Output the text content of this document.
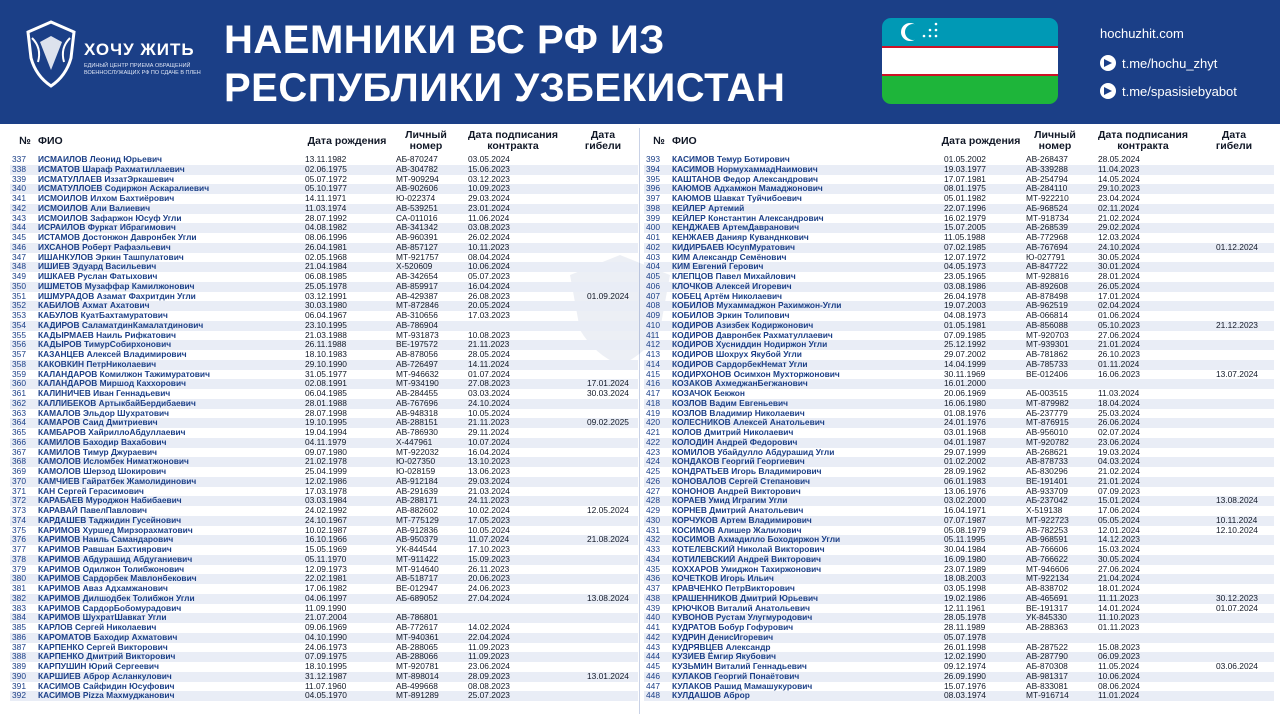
ХОЧУ ЖИТЬ
ЕДИНЫЙ ЦЕНТР ПРИЕМА ОБРАЩЕНИЙ ВОЕННОСЛУЖАЩИХ РФ ПО СДАЧЕ В ПЛЕН
НАЕМНИКИ ВС РФ ИЗ
РЕСПУБЛИКИ УЗБЕКИСТАН
hochuzhit.com
t.me/hochu_zhyt
t.me/spasisiebyabot
№ ФИО	Дата рождения	Личный номер
Дата подписания контракта
Дата гибели
337	ИСМАИЛОВ Леонид Юрьевич	13.11.1982	АБ-870247	03.05.2024
338	ИСМАТОВ Шараф Рахматиллаевич	02.06.1975	АВ-304782	15.06.2023
339	ИСМАТУЛЛАЕВ ИззатЭркашевич	05.07.1972	МТ-909294	03.12.2023
340	ИСМАТУЛЛОЕВ Содиржон Аскаралиевич	05.10.1977	АВ-902606	10.09.2023
341	ИСМОИЛОВ Илхом Бахтиёрович	14.11.1971	Ю-022374	29.03.2024
342	ИСМОИЛОВ Али Валиевич	11.03.1974	АВ-539251	23.01.2024
343	ИСМОИЛОВ Зафаржон Юсуф Угли	28.07.1992	СА-011016	11.06.2024
344	ИСРАИЛОВ Фуркат Ибрагимович	04.08.1982	АВ-341342	03.08.2023
345	ИСТАМОВ Достонжон Давронбек Угли	08.06.1996	АВ-960391	26.02.2024
346	ИХСАНОВ Роберт Рафаэльевич	26.04.1981	АВ-857127	10.11.2023
347	ИШАНКУЛОВ Эркин Ташпулатович	02.05.1968	МТ-921757	08.04.2024
348	ИШИЕВ Эдуард Васильевич	21.04.1984	Х-520609	10.06.2024
349	ИШКАЕВ Руслан Фатыхович	06.08.1985	АВ-342654	05.07.2023
350	ИШМЕТОВ Музаффар Камилжонович	25.05.1978	АВ-859917	16.04.2024
351	ИШМУРАДОВ Азамат Фахритдин Угли	03.12.1991	АВ-429387	26.08.2023	01.09.2024
352	КАБИЛОВ Ахмат Ахатович	30.03.1980	МТ-872846	20.05.2024
353	КАБУЛОВ КуатБахтамуратович	06.04.1967	АВ-310656	17.03.2023
354	КАДИРОВ СаламатдинКамалатдинович	23.10.1995	АВ-786904
355	КАДЫРМАЕВ Наиль Рифкатович	21.03.1988	МТ-931873	10.08.2023
356	КАДЫРОВ ТимурСобирхонович	26.11.1988	ВЕ-197572	21.11.2023
357	КАЗАНЦЕВ Алексей Владимирович	18.10.1983	АВ-878056	28.05.2024
358	КАКОВКИН ПетрНиколаевич	29.10.1990	АВ-726497	14.11.2024
359	КАЛАНДАРОВ Комилжон Тажимуратович	31.05.1977	МТ-946632	01.07.2024
360	КАЛАНДАРОВ Миршод Каххорович	02.08.1991	МТ-934190	27.08.2023	17.01.2024
361	КАЛИНИЧЕВ Иван Геннадьевич	06.04.1985	АВ-284455	03.03.2024	30.03.2024
362	КАЛЛИБЕКОВ АртыкбайБердибаевич	28.01.1988	АВ-767696	24.10.2024
363	КАМАЛОВ Эльдор Шухратович	28.07.1998	АВ-948318	10.05.2024
364	КАМАРОВ Саид Дмитриевич	19.10.1995	АВ-288151	21.11.2023	09.02.2025
365	КАМБАРОВ ХайриллоАбдуллаевич	19.04.1994	АВ-786930	29.11.2024
366	КАМИЛОВ Баходир Вахабович	04.11.1979	Х-447961	10.07.2024
367	КАМИЛОВ Тимур Джураевич	09.07.1980	МТ-922032	16.04.2024
368	КАМОЛОВ Исломбек Ниматжонович	21.02.1978	Ю-027350	13.10.2023
369	КАМОЛОВ Шерзод Шокирович	25.04.1999	Ю-028159	13.06.2023
370	КАМЧИЕВ Гайратбек Жамолидинович	12.02.1986	АВ-912184	29.03.2024
371	КАН Сергей Герасимович	17.03.1978	АВ-291639	21.03.2024
372	КАРАБАЕВ Муроджон Набибаевич	03.03.1984	АВ-288171	24.11.2023
373	КАРАВАЙ ПавелПавлович	24.02.1992	АВ-882602	10.02.2024	12.05.2024
374	КАРДАШЕВ Таджидин Гусейнович	24.10.1967	МТ-775129	17.05.2023
375	КАРИМОВ Хуршед Мирзорахматович	10.02.1987	АВ-912836	10.05.2024
376	КАРИМОВ Наиль Самандарович	16.10.1966	АВ-950379	11.07.2024	21.08.2024
377	КАРИМОВ Равшан Бахтиярович	15.05.1969	УК-844544	17.10.2023
378	КАРИМОВ Абдурашид Абдуганиевич	05.11.1970	МТ-911422	15.09.2023
379	КАРИМОВ Одилжон Толибжонович	12.09.1973	МТ-914640	26.11.2023
380	КАРИМОВ Сардорбек Мавлонбекович	22.02.1981	АВ-518717	20.06.2023
381	КАРИМОВ Аваз Адхамжанович	17.06.1982	ВЕ-012947	24.06.2023
382	КАРИМОВ Дилшодбек Толибжон Угли	04.06.1997	АБ-689052	27.04.2024	13.08.2024
383	КАРИМОВ СардорБобомурадович	11.09.1990
384	КАРИМОВ ШухратШавкат Угли	21.07.2004	АВ-786801
385	КАРЛОВ Сергей Николаевич	09.06.1969	АВ-772617	14.02.2024
386	КАРОМАТОВ Баходир Ахматович	04.10.1990	МТ-940361	22.04.2024
387	КАРПЕНКО Сергей Викторович	24.06.1973	АВ-288065	11.09.2023
388	КАРПЕНКО Дмитрий Викторович	07.09.1975	АВ-288066	11.09.2023
389	КАРПУШИН Юрий Сергеевич	18.10.1995	МТ-920781	23.06.2024
390	КАРШИЕВ Аброр Асланкулович	31.12.1987	МТ-898014	28.09.2023	13.01.2024
391	КАСИМОВ Сайфидин Юсуфович	11.07.1960	АВ-499668	08.08.2023
392	КАСИМОВ Рizza Махмуджанович	04.05.1970	МТ-891289	25.07.2023
№ ФИО	Дата рождения	Личный номер
Дата подписания контракта
Дата гибели
393	КАСИМОВ Темур Ботирович	01.05.2002	АВ-268437	28.05.2024
394	КАСИМОВ НормухаммадНаимович	19.03.1977	АВ-339288	11.04.2023
395	КАШТАНОВ Федор Александрович	17.07.1981	АВ-254794	14.05.2024
396	КАЮМОВ Адхамжон Мамаджонович	08.01.1975	АВ-284110	29.10.2023
397	КАЮМОВ Шавкат Туйчибоевич	05.01.1982	МТ-922210	23.04.2024
398	КЕЙЛЕР Артемий	22.07.1996	АБ-968524	02.11.2024
399	КЕЙЛЕР Константин Александрович	16.02.1979	МТ-918734	21.02.2024
400	КЕНДЖАЕВ АртемДавранович	15.07.2005	АВ-268539	29.02.2024
401	КЕНЖАЕВ Данияр Куванднкович	11.05.1988	АВ-772968	12.03.2024
402	КИДИРБАЕВ ЮсупМуратович	07.02.1985	АВ-767694	24.10.2024	01.12.2024
403	КИМ Александр Семёнович	12.07.1972	Ю-027791	30.05.2024
404	КИМ Евгений Герович	04.05.1973	АВ-847722	30.01.2024
405	КЛЕПЦОВ Павел Михайлович	23.05.1965	МТ-928816	28.01.2024
406	КЛОЧКОВ Алексей Игоревич	03.08.1986	АВ-892608	26.05.2024
407	КОБЕЦ Артём Николаевич	26.04.1978	АВ-878498	17.01.2024
408	КОБИЛОВ Мухаммаджон Рахимжон-Угли	19.07.2003	АВ-962519	02.04.2024
409	КОБИЛОВ Эркин Толипович	04.08.1973	АВ-066814	01.06.2024
410	КОДИРОВ Азизбек Кодиржонович	01.05.1981	АВ-856088	05.10.2023	21.12.2023
411	КОДИРОВ Давронбек Рахматуллаевич	07.09.1985	МТ-920703	27.06.2024
412	КОДИРОВ Хусниддин Нодиржон Угли	25.12.1992	МТ-939301	21.01.2024
413	КОДИРОВ Шохрух Якубой Угли	29.07.2002	АВ-781862	26.10.2023
414	КОДИРОВ СардорбекНемат Угли	14.04.1999	АВ-785733	01.11.2024
415	КОДИРХОНОВ Осимхон Мухторжонович	30.11.1969	ВЕ-012406	16.06.2023	13.07.2024
416	КОЗАКОВ АхмеджанБегжанович	16.01.2000
417	КОЗАЧОК Бекжон	20.06.1969	АБ-003515	11.03.2024
418	КОЗЛОВ Вадим Евгеньевич	16.06.1980	МТ-879982	18.04.2024
419	КОЗЛОВ Владимир Николаевич	01.08.1976	АБ-237779	25.03.2024
420	КОЛЕСНИКОВ Алексей Анатольевич	24.01.1976	МТ-876915	26.06.2024
421	КОЛОВ Дмитрий Николаевич	03.01.1968	АВ-956010	02.07.2024
422	КОЛОДИН Андрей Федорович	04.01.1987	МТ-920782	23.06.2024
423	КОМИЛОВ Убайдулло Абдурашид Угли	29.07.1999	АВ-268621	19.03.2024
424	КОНДАКОВ Георгий Георгиевич	01.02.2002	АВ-878733	04.03.2024
425	КОНДРАТЬЕВ Игорь Владимирович	28.09.1962	АБ-830296	21.02.2024
426	КОНОВАЛОВ Сергей Степанович	06.01.1983	ВЕ-191401	21.01.2024
427	КОНОНОВ Андрей Викторович	13.06.1976	АВ-933709	07.09.2023
428	КОРАЕВ Умид Играгим Угли	03.02.2000	АБ-237042	15.01.2024	13.08.2024
429	КОРНЕВ Дмитрий Анатольевич	16.04.1971	Х-519138	17.06.2024
430	КОРЧУКОВ Артем Владимирович	07.07.1987	МТ-922723	05.05.2024	10.11.2024
431	КОСИМОВ Алишер Жалилович	05.08.1979	АВ-782253	12.01.2024	12.10.2024
432	КОСИМОВ Ахмадилло Боходиржон Угли	05.11.1995	АВ-968591	14.12.2023
433	КОТЕЛЕВСКИЙ Николай Викторович	30.04.1984	АВ-766606	15.03.2024
434	КОТИЛЕВСКИЙ Андрей Викторович	16.09.1980	АВ-766622	30.05.2024
435	КОХХАРОВ Умиджон Тахиржонович	23.07.1989	МТ-946606	27.06.2024
436	КОЧЕТКОВ Игорь Ильич	18.08.2003	МТ-922134	21.04.2024
437	КРАВЧЕНКО ПетрВикторович	03.05.1998	АВ-838702	18.01.2024
438	КРАШЕННИКОВ Дмитрий Юрьевич	19.02.1986	АВ-465691	11.11.2023	30.12.2023
439	КРЮЧКОВ Виталий Анатольевич	12.11.1961	ВЕ-191317	14.01.2024	01.07.2024
440	КУВОНОВ Рустам Улугмуродович	28.05.1978	УК-845330	11.10.2023
441	КУДРАТОВ Бобур Гофурович	28.11.1989	АВ-288363	01.11.2023
442	КУДРИН ДенисИгоревич	05.07.1978
443	КУДРЯВЦЕВ Александр	26.01.1998	АВ-287522	15.08.2023
444	КУЗИЕВ Ёмгир Якубович	12.02.1990	АВ-287790	06.09.2023
445	КУЗЬМИН Виталий Геннадьевич	09.12.1974	АБ-870308	11.05.2024	03.06.2024
446	КУЛАКОВ Георгий Понаётович	26.09.1990	АВ-981317	10.06.2024
447	КУЛАКОВ Рашид Мамашукурович	15.07.1976	АВ-833081	08.06.2024
448	КУЛДАШОВ Аброр	08.03.1974	МТ-916714	11.01.2024
